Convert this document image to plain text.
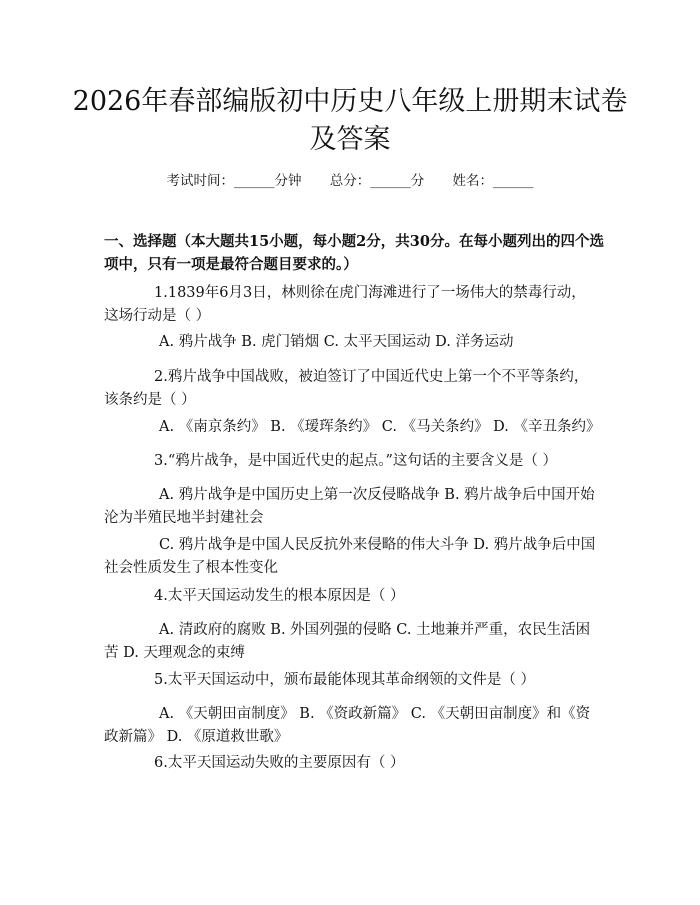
2026年春部编版初中历史八年级上册期末试卷及答案
考试时间：______分钟 总分：______分 姓名：______
一、选择题（本大题共15小题，每小题2分，共30分。在每小题列出的四个选项中，只有一项是最符合题目要求的。）
1.1839年6月3日，林则徐在虎门海滩进行了一场伟大的禁毒行动，这场行动是（ ）
A. 鸦片战争 B. 虎门销烟 C. 太平天国运动 D. 洋务运动
2.鸦片战争中国战败，被迫签订了中国近代史上第一个不平等条约，该条约是（ ）
A. 《南京条约》 B. 《瑷珲条约》 C. 《马关条约》 D. 《辛丑条约》
3.“鸦片战争，是中国近代史的起点。”这句话的主要含义是（ ）
A. 鸦片战争是中国历史上第一次反侵略战争 B. 鸦片战争后中国开始沦为半殖民地半封建社会
C. 鸦片战争是中国人民反抗外来侵略的伟大斗争 D. 鸦片战争后中国社会性质发生了根本性变化
4.太平天国运动发生的根本原因是（ ）
A. 清政府的腐败 B. 外国列强的侵略 C. 土地兼并严重，农民生活困苦 D. 天理观念的束缚
5.太平天国运动中，颁布最能体现其革命纲领的文件是（ ）
A. 《天朝田亩制度》 B. 《资政新篇》 C. 《天朝田亩制度》和《资政新篇》 D. 《原道救世歌》
6.太平天国运动失败的主要原因有（ ）
